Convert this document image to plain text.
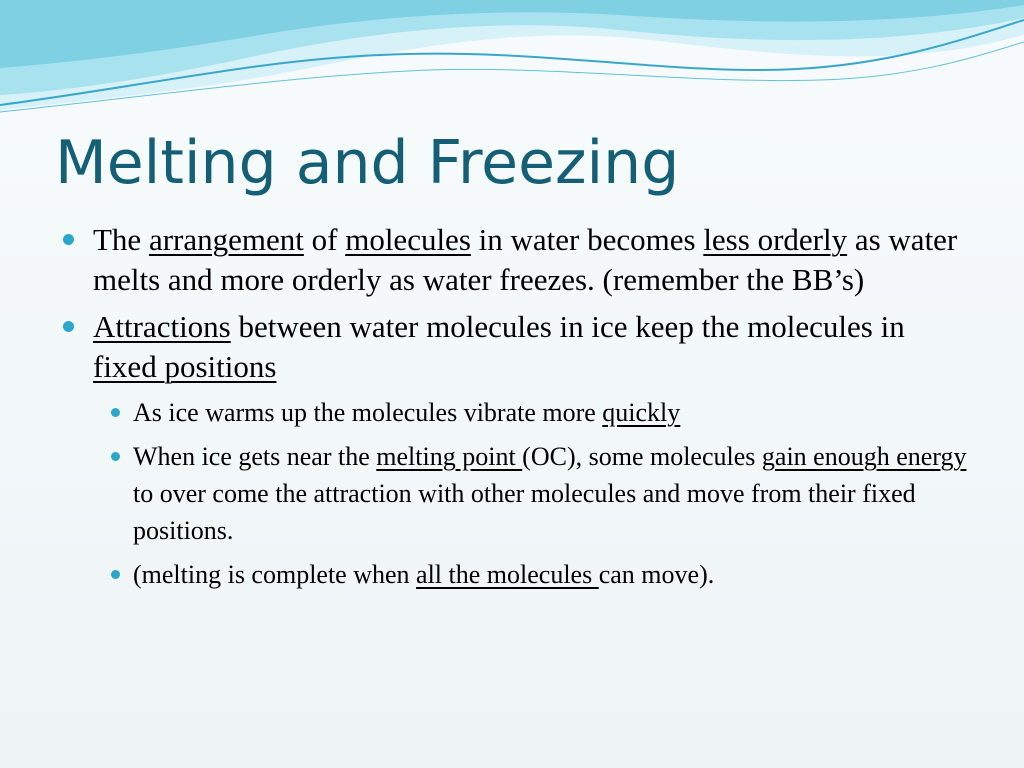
Melting and Freezing
The arrangement of molecules in water becomes less orderly as water melts and more orderly as water freezes. (remember the BB’s)
Attractions between water molecules in ice keep the molecules in fixed positions
As ice warms up the molecules vibrate more quickly
When ice gets near the melting point (OC), some molecules gain enough energy to over come the attraction with other molecules and move from their fixed positions.
(melting is complete when all the molecules can move).
